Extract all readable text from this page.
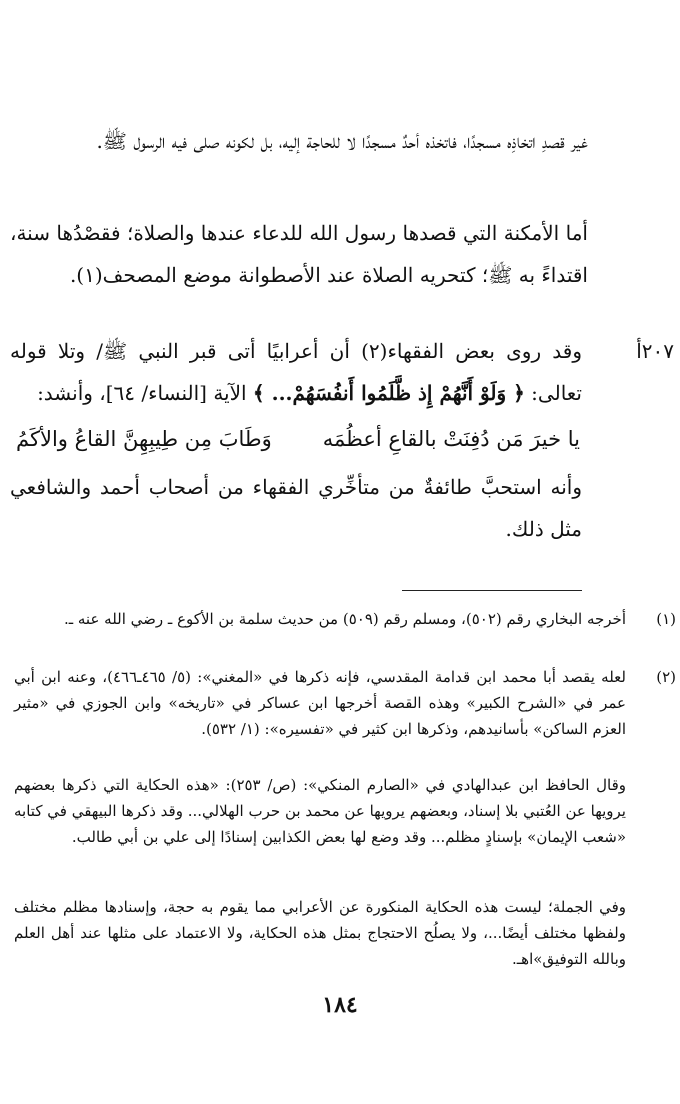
غير قصدِ اتخاذِه مسجدًا، فاتخذه أحدٌ مسجدًا لا للحاجة إليه، بل لكونه صلى فيه الرسول ﷺ.

أما الأمكنة التي قصدها رسول الله للدعاء عندها والصلاة؛ فقصْدُها سنة، اقتداءً به ﷺ؛ كتحريه الصلاة عند الأصطوانة موضع المصحف(١).

٢٠٧أ

وقد روى بعض الفقهاء(٢) أن أعرابيًا أتى قبر النبي ﷺ/ وتلا قوله تعالى: ﴿ وَلَوْ أَنَّهُمْ إِذ ظَّلَمُوا أَنفُسَهُمْ... ﴾ الآية [النساء/ ٦٤]، وأنشد:

يا خيرَ مَن دُفِنَتْ بالقاعِ أعظُمَه
وَطَابَ مِن طِيبِهِنَّ القاعُ والأكَمُ

وأنه استحبَّ طائفةٌ من متأخِّري الفقهاء من أصحاب أحمد والشافعي مثل ذلك.

(١)

أخرجه البخاري رقم (٥٠٢)، ومسلم رقم (٥٠٩) من حديث سلمة بن الأكوع ـ رضي الله عنه ـ.

(٢)

لعله يقصد أبا محمد ابن قدامة المقدسي، فإنه ذكرها في «المغني»: (٥/ ٤٦٥ـ٤٦٦)، وعنه ابن أبي عمر في «الشرح الكبير» وهذه القصة أخرجها ابن عساكر في «تاريخه» وابن الجوزي في «مثير العزم الساكن» بأسانيدهم، وذكرها ابن كثير في «تفسيره»: (١/ ٥٣٢).

وقال الحافظ ابن عبدالهادي في «الصارم المنكي»: (ص/ ٢٥٣): «هذه الحكاية التي ذكرها بعضهم يرويها عن العُتبي بلا إسناد، وبعضهم يرويها عن محمد بن حرب الهلالي... وقد ذكرها البيهقي في كتابه «شعب الإيمان» بإسنادٍ مظلم... وقد وضع لها بعض الكذابين إسنادًا إلى علي بن أبي طالب.

وفي الجملة؛ ليست هذه الحكاية المنكورة عن الأعرابي مما يقوم به حجة، وإسنادها مظلم مختلف ولفظها مختلف أيضًا...، ولا يصلُح الاحتجاج بمثل هذه الحكاية، ولا الاعتماد على مثلها عند أهل العلم وبالله التوفيق»اهـ.

١٨٤
